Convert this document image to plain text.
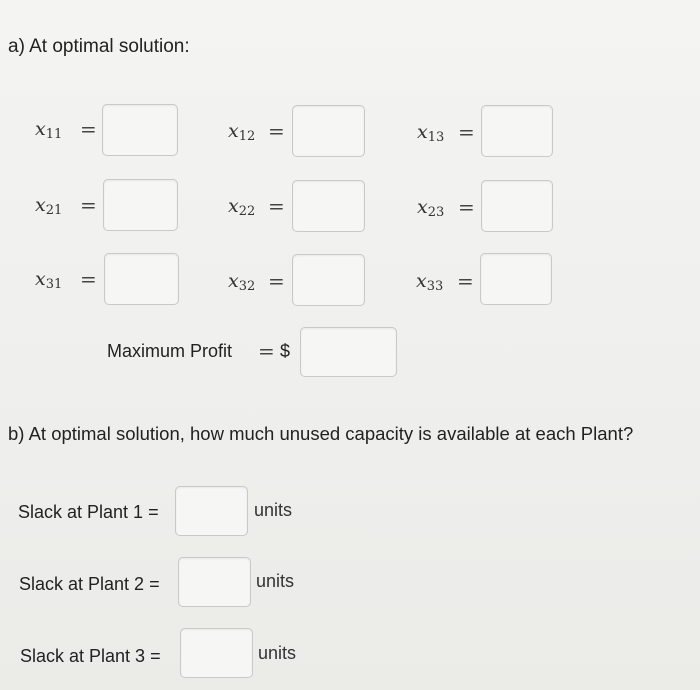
a) At optimal solution:
$x_{11}$ =	$x_{12}$ =	$x_{13}$ =
$x_{21}$ =	$x_{22}$ =	$x_{23}$ =
$x_{31}$ =	$x_{32}$ =	$x_{33}$ =
Maximum Profit = $
b) At optimal solution, how much unused capacity is available at each Plant?
Slack at Plant 1 =	units
Slack at Plant 2 =	units
Slack at Plant 3 =	units
